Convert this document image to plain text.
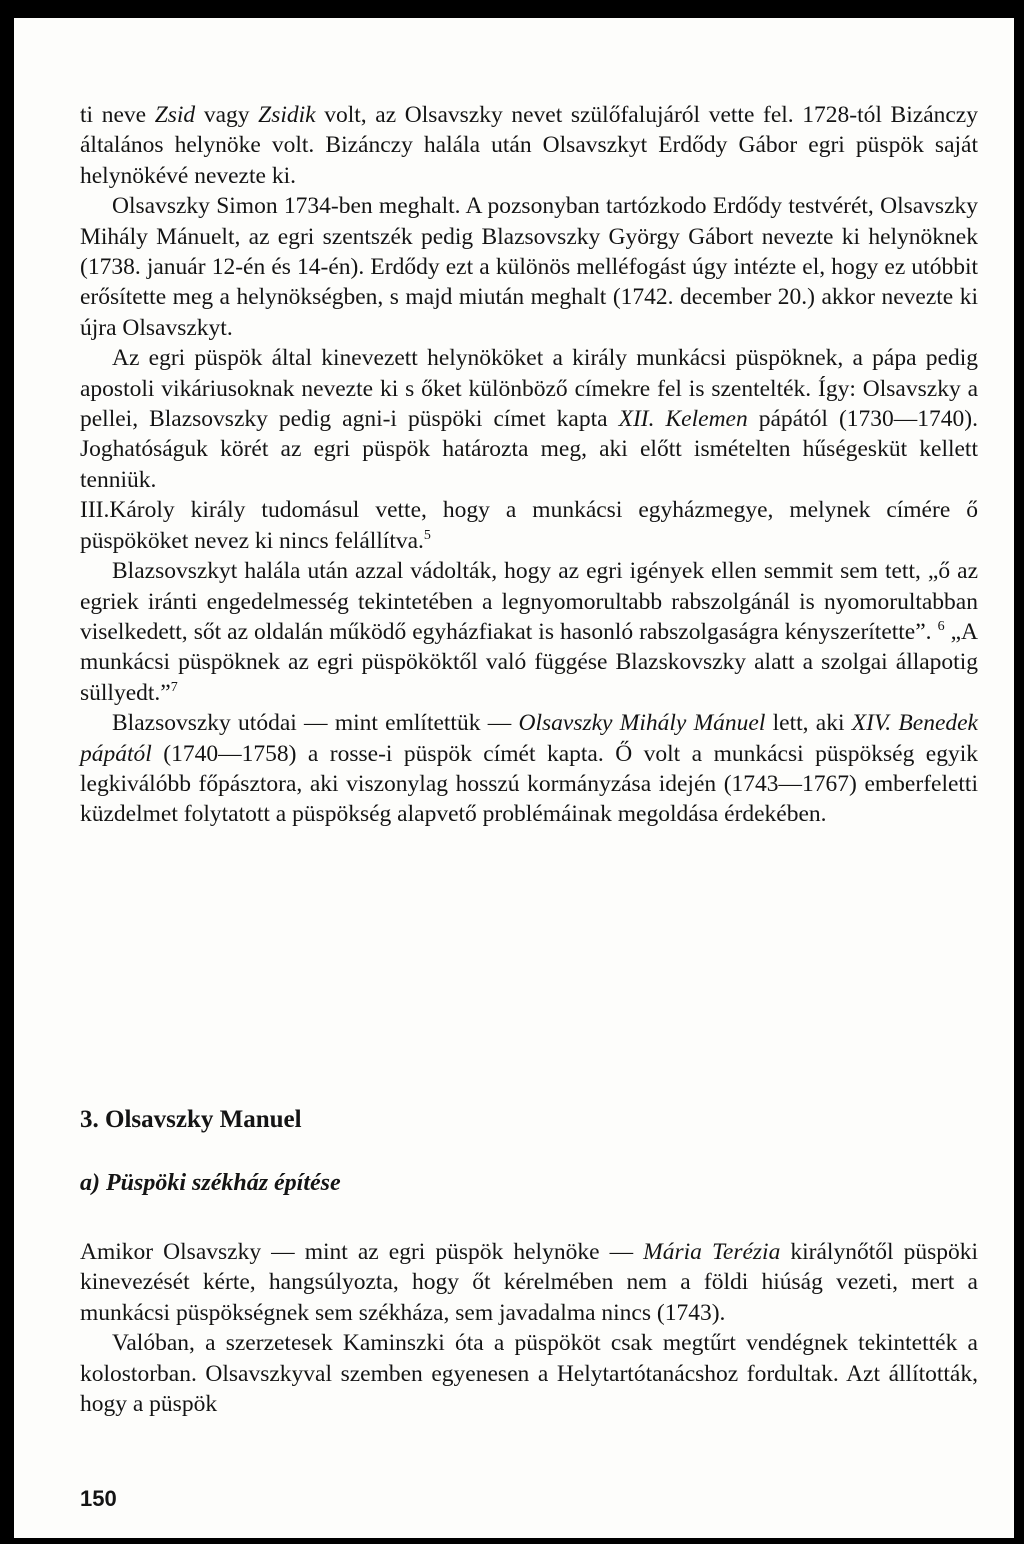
ti neve Zsid vagy Zsidik volt, az Olsavszky nevet szülőfalujáról vette fel. 1728-tól Bizánczy általános helynöke volt. Bizánczy halála után Olsavszkyt Erdődy Gábor egri püspök saját helynökévé nevezte ki.

Olsavszky Simon 1734-ben meghalt. A pozsonyban tartózkodo Erdődy testvérét, Olsavszky Mihály Mánuelt, az egri szentszék pedig Blazsovszky György Gábort nevezte ki helynöknek (1738. január 12-én és 14-én). Erdődy ezt a különös melléfogást úgy intézte el, hogy ez utóbbit erősítette meg a helynökségben, s majd miután meghalt (1742. december 20.) akkor nevezte ki újra Olsavszkyt.

Az egri püspök által kinevezett helynököket a király munkácsi püspöknek, a pápa pedig apostoli vikáriusoknak nevezte ki s őket különböző címekre fel is szentelték. Így: Olsavszky a pellei, Blazsovszky pedig agni-i püspöki címet kapta XII. Kelemen pápától (1730—1740). Joghatóságuk körét az egri püspök határozta meg, aki előtt ismételten hűségesküt kellett tenniük.

III.Károly király tudomásul vette, hogy a munkácsi egyházmegye, melynek címére ő püspököket nevez ki nincs felállítva.$^5$

Blazsovszkyt halála után azzal vádolták, hogy az egri igények ellen semmit sem tett, „ő az egriek iránti engedelmesség tekintetében a legnyomorultabb rabszolgánál is nyomorultabban viselkedett, sőt az oldalán működő egyházfiakat is hasonló rabszolgaságra kényszerítette”. $^6$ „A munkácsi püspöknek az egri püspököktől való függése Blazskovszky alatt a szolgai állapotig süllyedt.”$^7$

Blazsovszky utódai — mint említettük — Olsavszky Mihály Mánuel lett, aki XIV. Benedek pápától (1740—1758) a rosse-i püspök címét kapta. Ő volt a munkácsi püspökség egyik legkiválóbb főpásztora, aki viszonylag hosszú kormányzása idején (1743—1767) emberfeletti küzdelmet folytatott a püspökség alapvető problémáinak megoldása érdekében.

3. Olsavszky Manuel
a) Püspöki székház építése

Amikor Olsavszky — mint az egri püspök helynöke — Mária Terézia királynőtől püspöki kinevezését kérte, hangsúlyozta, hogy őt kérelmében nem a földi hiúság vezeti, mert a munkácsi püspökségnek sem székháza, sem javadalma nincs (1743).

Valóban, a szerzetesek Kaminszki óta a püspököt csak megtűrt vendégnek tekintették a kolostorban. Olsavszkyval szemben egyenesen a Helytartótanácshoz fordultak. Azt állították, hogy a püspök

150
